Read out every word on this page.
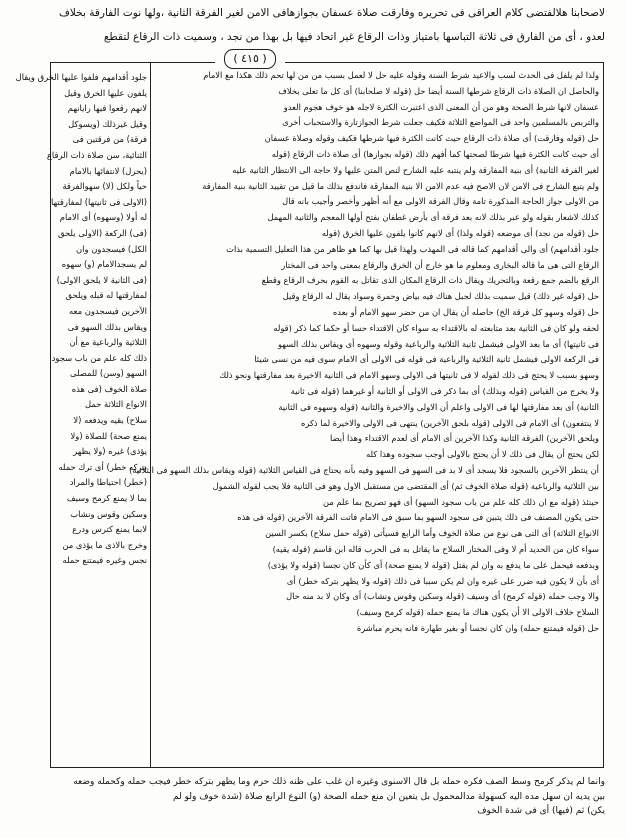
لاصحابنا هلالفتضى كلام العراقى فى تحريره وفارقت صلاة عسفان بجوازهافى الامن لغير الفرقة الثانية ،ولها نوت الفارقة بخلاف
لعدو ، أى من الفارق فى ثلاثة التباسها بامتياز وذات الرقاع غير اتحاد فيها بل بهذا من نجد ، وسميت ذات الرقاع لتقطع
( ٤١٥ )
جلود أقدامهم فلفوا عليها الخرق ويقال
يلفون عليها الخرق وقيل
لانهم رقعوا فيها رايانهم
وقيل غيرذلك (ويسوكل
فرقة) من فرقتين فى
الثنائية، سن صلاة ذات الرقاع
(يحرل) لانتفائها بالامام
حياً ولكل (لا) سهوالفرقة
(الاولى فى ثانيتها) لمفارقتها
له أولا (وسهوه) أى الامام
(فى) الركعة (الاولى يلحق
الكل) فيسجدون وان
لم يسجدالامام (و) سهوه
(فى الثانية لا يلحق الاولى)
لمفارقتها له قبله ويلحق
الآخرين فيسجدون معه
ويقاس بذلك السهو فى
الثلاثية والرباعية مع أن
ذلك كله علم من باب سجود
السهو (وسن) للمصلى
صلاة الخوف (فى هذه
الانواع الثلاثة حمل
سلاح) يقيه ويدفعه (لا
يمنع صحة) للصلاة (ولا
يؤذى) غيره (ولا يظهر
بتركه خطر) أى ترك حمله
(خطر) احتياطا والمراد
بما لا يمنع كرمح وسيف
وسكين وقوس ونشاب
لابما يمنع كترس ودرع
وخرج بالاذى ما يؤذى من
نجس وغيره فيمتنع حمله
ولذا لم يلفل فى الحدث لسب والاعيد شرط السنة وقوله عليه حل لا لعمل بسبب من من لها تحم ذلك هكذا مع الامام
والحاصل ان الصلاة ذات الرقاع شرطها السنة أيضا حل (قوله لا صلحابنا) أى كل ما تعلى بخلاف
عسفان لانها شرط الصحة وهو من أن المعنى الذى اعتبرت الكثرة لاجله هو خوف هجوم العدو
والتربص بالمسلمين واحد فى المواضع الثلاثة فكيف جعلت شرط الجوازتارة والاستحباب أخرى
حل (قوله وفارقت) أى صلاة ذات الرقاع حيث كانت الكثرة فيها شرطها فكيف وقوله وصلاة عسفان
أى حيث كانت الكثرة فيها شرطا لصحتها كما أفهم ذلك (قوله بجوازها) أى صلاة ذات الرقاع (قوله
لغير الفرقة الثانية) أى بنية المفارقة ولم ينتبه عليه الشارح لنص المتن عليها ولا حاجة الى الانتظار الثانية عليه
ولم يتبع الشارح فى الامن لان الاصح فيه عدم الامن الا بنية المفارقة فاندفع بذلك ما قيل من تقييد الثانية بنية المفارقة
من الاولى جواز الحاجة المذكورة تامة وقال الفرقة الاولى مع أنه أظهر وأخصر وأجيب بانه قال
كذلك لاشعار بقوله ولو عبر بذلك لانه بعد فرقة أى بأرض غطفان بفتح أولها المعجم والثانية المهمل
حل (قوله من نجد) أى موضعه (قوله ولذا) أى لانهم كانوا يلفون عليها الخرق (قوله
جلود أقدامهم) أى والى أقدامهم كما قاله فى المهذب ولهذا قيل بها كما هو ظاهر من هذا التعليل التسمية بذات
الرقاع التى هى ما قاله البخارى ومعلوم ما هو خارج أن الخرق والرقاع بمعنى واحد فى المختار
الرقع بالضم جمع رقعة وبالتحريك ويقال ذات الرقاع المكان الذى تقاتل به القوم بحرف الرقاع وقطع
حل (قوله غير ذلك) قيل سميت بذلك لجبل هناك فيه بياض وحمرة وسواد يقال له الرقاع وقيل
حل (قوله وسهو كل فرقة الخ) حاصله أن يقال ان من حضر سهو الامام أو بعده
لحقه ولو كان فى الثانية بعد متابعته له بالاقتداء به سواء كان الاقتداء حسا أو حكما كما ذكر (قوله
فى ثانيتها) أى ما بعد الاولى فيشمل ثانية الثلاثية والرباعية وقوله وسهوه أى ويقاس بذلك السهو
فى الركعة الاولى فيشمل ثانية الثلاثية والرباعية فى قوله فى الاولى أى الامام سوى فيه من نسى شيئا
وسهو بسبب لا يحتج فى ذلك لقوله لا فى ثانيتها فى الاولى وسهو الامام فى الثانية الاخيرة بعد مفارقتها ونحو ذلك
ولا يخرج من القياس (قوله وبذلك) أى بما ذكر فى الاولى أو الثانية أو غيرهما (قوله فى ثانية
الثانية) أى بعد مفارقتها لها فى الاولى واعلم أن الاولى والاخيرة والثانية (قوله وسهوه فى الثانية
لا ينتفعون) أى الامام فى الاولى (قوله بلحق الآخرين) ينتهى فى الاولى والاخيرة لما ذكره
ويلحق الآخرين) الفرقة الثانية وكذا الآخرين أى الامام أى لعدم الاقتداء وهذا أيضا
لكن يحتج أن يقال فى ذلك لا أن يحتج بالاولى أوجب سجوده وهذا كله
أن ينتظر الآخرين بالسجود فلا يسجد أى لا بد فى السهو فى السهو وفيه بأنه يحتاج فى القياس الثلاثية (قوله ويقاس بذلك السهو فى الثلاثية)
بين الثلاثية والرباعية (قوله صلاة الخوف ثم) أى المقتضى من مستقبل الاول وهو فى الثانية فلا يجب لقوله الشمول
حينئذ (قوله مع ان ذلك كله علم من باب سجود السهو) أى فهو تصريح بما علم من
حتى يكون المصنف فى ذلك يتبين فى سجود السهو بما سبق فى الامام فاتت الفرقة الآخرين (قوله فى هذه
الانواع الثلاثة) أى التى هى نوع من صلاة الخوف وأما الرابع فسيأتى (قوله حمل سلاح) بكسر السين
سواء كان من الحديد أم لا وفى المختار السلاح ما يقاتل به فى الحرب قاله ابن قاسم (قوله يقيه)
وبدفعه فيحمل على ما يدفع به وان لم يقتل (قوله لا يمنع صحة) أى كأن كان نجسا (قوله ولا يؤذى)
أى بأن لا يكون فيه ضرر على غيره وان لم يكن سببا فى ذلك (قوله ولا يظهر بتركه خطر) أى
والا وجب حمله (قوله كرمح) أى وسيف (قوله وسكين وقوس ونشاب) أى وكان لا بد منه حال
السلاح خلاف الاولى الا أن يكون هناك ما يمنع حمله (قوله كرمح وسيف)
حل (قوله فيمتنع حمله) وان كان نجسا أو بغير طهارة فانه يحرم مباشرة
وانما لم يذكر كرمح وسط الصف فكره حمله بل قال الاسنوى وغيره ان غلب على ظنه ذلك حرم وما يظهر بتركه خطر فيجب حمله وكحمله وضعه
بين يديه ان سهل مده اليه كسهولة مدالمحمول بل يتعين ان منع حمله الصحة (و) النوع الرابع صلاة (شدة خوف ولو لم
يكن) ثم (فيها) أى فى شدة الخوف
